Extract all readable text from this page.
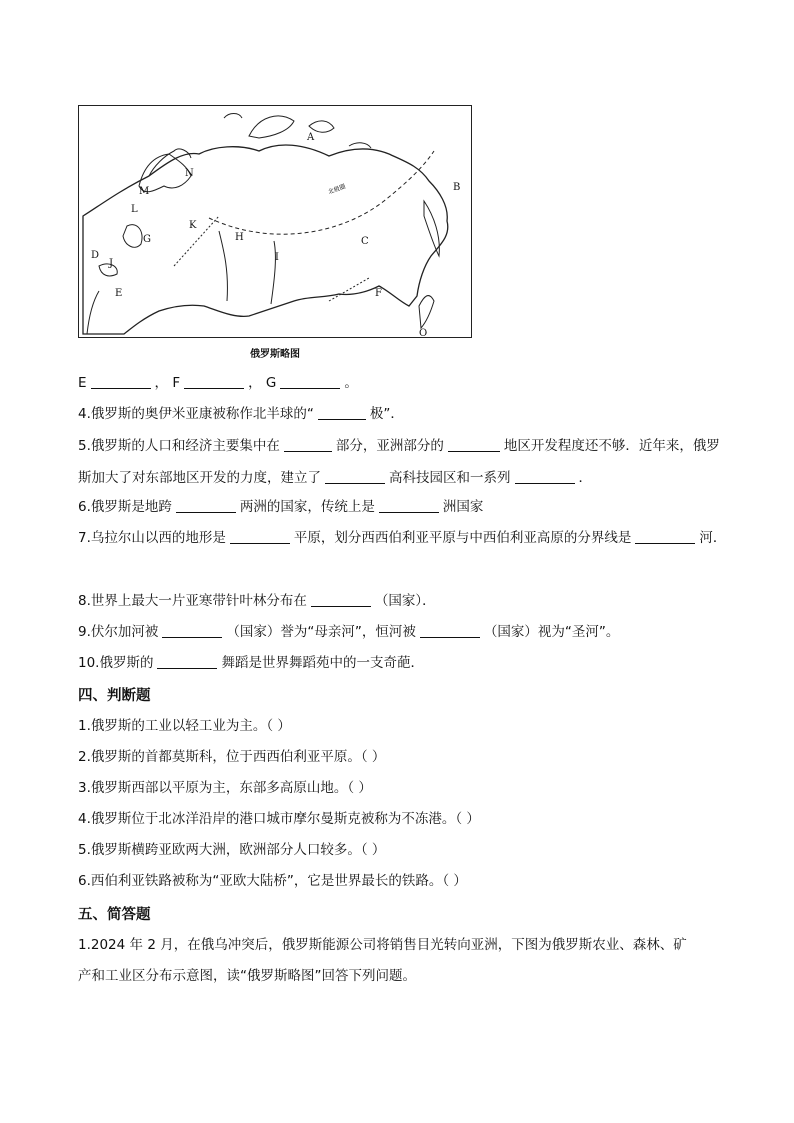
A
B
C
D
E	F
G	H
I
J
K
L
M
N
O
北极圈
俄罗斯略图
E	， F	， G	。
4.俄罗斯的奥伊米亚康被称作北半球的“	极”．
5.俄罗斯的人口和经济主要集中在	部分，亚洲部分的	地区开发程度还不够．近年来，俄罗斯加大了对东部地区开发的力度，建立了	高科技园区和一系列	．
6.俄罗斯是地跨	两洲的国家，传统上是	洲国家
7.乌拉尔山以西的地形是	平原，划分西西伯利亚平原与中西伯利亚高原的分界线是	河．
8.世界上最大一片亚寒带针叶林分布在	（国家）．
9.伏尔加河被	（国家）誉为“母亲河”，恒河被	（国家）视为“圣河”。
10.俄罗斯的	舞蹈是世界舞蹈苑中的一支奇葩．
四、判断题
1.俄罗斯的工业以轻工业为主。（ ）
2.俄罗斯的首都莫斯科，位于西西伯利亚平原。（ ）
3.俄罗斯西部以平原为主，东部多高原山地。（ ）
4.俄罗斯位于北冰洋沿岸的港口城市摩尔曼斯克被称为不冻港。（ ）
5.俄罗斯横跨亚欧两大洲，欧洲部分人口较多。（ ）
6.西伯利亚铁路被称为“亚欧大陆桥”，它是世界最长的铁路。（ ）
五、简答题
1.2024 年 2 月，在俄乌冲突后，俄罗斯能源公司将销售目光转向亚洲，下图为俄罗斯农业、森林、矿
产和工业区分布示意图，读“俄罗斯略图”回答下列问题。
